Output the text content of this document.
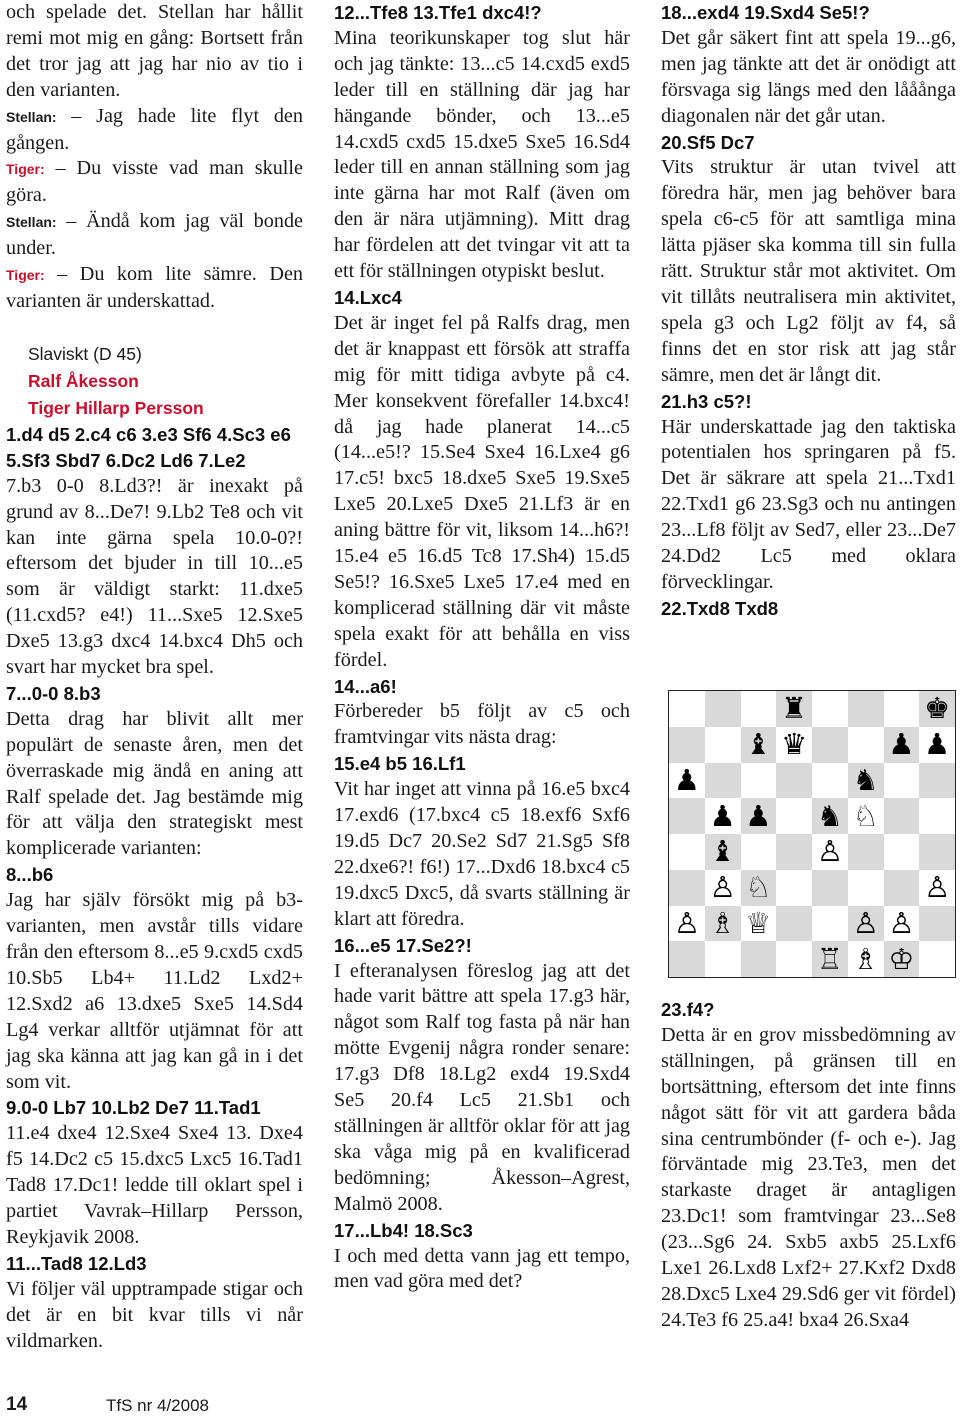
och spelade det. Stellan har hållit remi mot mig en gång: Bortsett från det tror jag att jag har nio av tio i den varianten.

Stellan: – Jag hade lite flyt den gången.

Tiger: – Du visste vad man skulle göra.

Stellan: – Ändå kom jag väl bonde under.

Tiger: – Du kom lite sämre. Den varianten är underskattad.

Slaviskt (D 45)
Ralf Åkesson
Tiger Hillarp Persson

1.d4 d5 2.c4 c6 3.e3 Sf6 4.Sc3 e6 5.Sf3 Sbd7 6.Dc2 Ld6 7.Le2

7.b3 0-0 8.Ld3?! är inexakt på grund av 8...De7! 9.Lb2 Te8 och vit kan inte gärna spela 10.0-0?! eftersom det bjuder in till 10...e5 som är väldigt starkt: 11.dxe5 (11.cxd5? e4!) 11...Sxe5 12.Sxe5 Dxe5 13.g3 dxc4 14.bxc4 Dh5 och svart har mycket bra spel.

7...0-0 8.b3

Detta drag har blivit allt mer populärt de senaste åren, men det överraskade mig ändå en aning att Ralf spelade det. Jag bestämde mig för att välja den strategiskt mest komplicerade varianten:

8...b6

Jag har själv försökt mig på b3-varianten, men avstår tills vidare från den eftersom 8...e5 9.cxd5 cxd5 10.Sb5 Lb4+ 11.Ld2 Lxd2+ 12.Sxd2 a6 13.dxe5 Sxe5 14.Sd4 Lg4 verkar alltför utjämnat för att jag ska känna att jag kan gå in i det som vit.

9.0-0 Lb7 10.Lb2 De7 11.Tad1

11.e4 dxe4 12.Sxe4 Sxe4 13. Dxe4 f5 14.Dc2 c5 15.dxc5 Lxc5 16.Tad1 Tad8 17.Dc1! ledde till oklart spel i partiet Vavrak–Hillarp Persson, Reykjavik 2008.

11...Tad8 12.Ld3

Vi följer väl upptrampade stigar och det är en bit kvar tills vi når vildmarken.

12...Tfe8 13.Tfe1 dxc4!?

Mina teorikunskaper tog slut här och jag tänkte: 13...c5 14.cxd5 exd5 leder till en ställning där jag har hängande bönder, och 13...e5 14.cxd5 cxd5 15.dxe5 Sxe5 16.Sd4 leder till en annan ställning som jag inte gärna har mot Ralf (även om den är nära utjämning). Mitt drag har fördelen att det tvingar vit att ta ett för ställningen otypiskt beslut.

14.Lxc4

Det är inget fel på Ralfs drag, men det är knappast ett försök att straffa mig för mitt tidiga avbyte på c4. Mer konsekvent förefaller 14.bxc4! då jag hade planerat 14...c5 (14...e5!? 15.Se4 Sxe4 16.Lxe4 g6 17.c5! bxc5 18.dxe5 Sxe5 19.Sxe5 Lxe5 20.Lxe5 Dxe5 21.Lf3 är en aning bättre för vit, liksom 14...h6?! 15.e4 e5 16.d5 Tc8 17.Sh4) 15.d5 Se5!? 16.Sxe5 Lxe5 17.e4 med en komplicerad ställning där vit måste spela exakt för att behålla en viss fördel.

14...a6!

Förbereder b5 följt av c5 och framtvingar vits nästa drag:

15.e4 b5 16.Lf1

Vit har inget att vinna på 16.e5 bxc4 17.exd6 (17.bxc4 c5 18.exf6 Sxf6 19.d5 Dc7 20.Se2 Sd7 21.Sg5 Sf8 22.dxe6?! f6!) 17...Dxd6 18.bxc4 c5 19.dxc5 Dxc5, då svarts ställning är klart att föredra.

16...e5 17.Se2?!

I efteranalysen föreslog jag att det hade varit bättre att spela 17.g3 här, något som Ralf tog fasta på när han mötte Evgenij några ronder senare: 17.g3 Df8 18.Lg2 exd4 19.Sxd4 Se5 20.f4 Lc5 21.Sb1 och ställningen är alltför oklar för att jag ska våga mig på en kvalificerad bedömning; Åkesson–Agrest, Malmö 2008.

17...Lb4! 18.Sc3

I och med detta vann jag ett tempo, men vad göra med det?

18...exd4 19.Sxd4 Se5!?

Det går säkert fint att spela 19...g6, men jag tänkte att det är onödigt att försvaga sig längs med den lååånga diagonalen när det går utan.

20.Sf5 Dc7

Vits struktur är utan tvivel att föredra här, men jag behöver bara spela c6-c5 för att samtliga mina lätta pjäser ska komma till sin fulla rätt. Struktur står mot aktivitet. Om vit tillåts neutralisera min aktivitet, spela g3 och Lg2 följt av f4, så finns det en stor risk att jag står sämre, men det är långt dit.

21.h3 c5?!

Här underskattade jag den taktiska potentialen hos springaren på f5. Det är säkrare att spela 21...Txd1 22.Txd1 g6 23.Sg3 och nu antingen 23...Lf8 följt av Sed7, eller 23...De7 24.Dd2 Lc5 med oklara förvecklingar.

22.Txd8 Txd8

♜	♚
♝ ♛	♟ ♟
♟	♞
♟ ♟ ♞ ♘
♝	♙
♙ ♘	♙
♙ ♗ ♕	♙ ♙
♖ ♗ ♔

23.f4?

Detta är en grov missbedömning av ställningen, på gränsen till en bortsättning, eftersom det inte finns något sätt för vit att gardera båda sina centrumbönder (f- och e-). Jag förväntade mig 23.Te3, men det starkaste draget är antagligen 23.Dc1! som framtvingar 23...Se8 (23...Sg6 24. Sxb5 axb5 25.Lxf6 Lxe1 26.Lxd8 Lxf2+ 27.Kxf2 Dxd8 28.Dxc5 Lxe4 29.Sd6 ger vit fördel) 24.Te3 f6 25.a4! bxa4 26.Sxa4

14	TfS nr 4/2008
